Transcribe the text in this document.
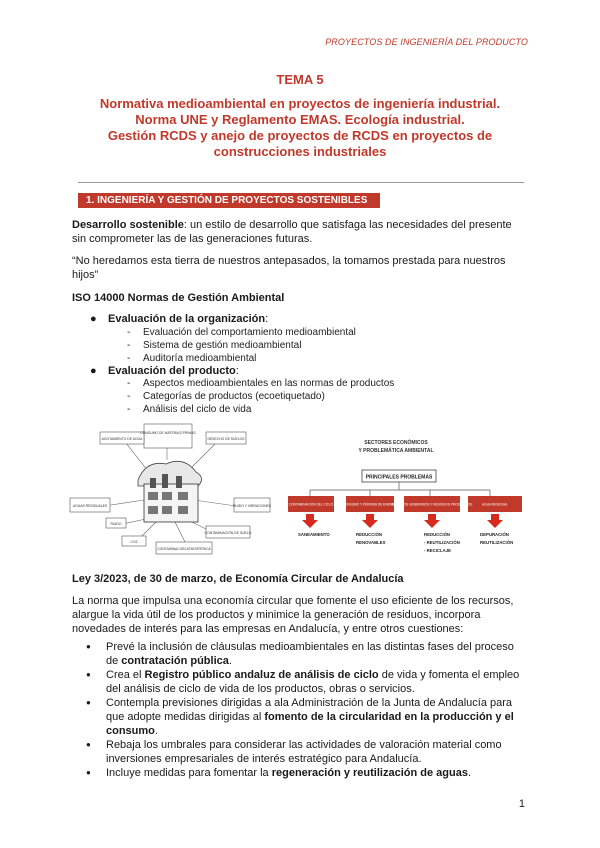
PROYECTOS DE INGENIERÍA DEL PRODUCTO
TEMA 5
Normativa medioambiental en proyectos de ingeniería industrial.
Norma UNE y Reglamento EMAS. Ecología industrial.
Gestión RCDS y anejo de proyectos de RCDS en proyectos de
construcciones industriales
1. INGENIERÍA Y GESTIÓN DE PROYECTOS SOSTENIBLES
Desarrollo sostenible: un estilo de desarrollo que satisfaga las necesidades del presente
sin comprometer las de las generaciones futuras.
“No heredamos esta tierra de nuestros antepasados, la tomamos prestada para nuestros
hijos”
ISO 14000 Normas de Gestión Ambiental
●	Evaluación de la organización:
- Evaluación del comportamiento medioambiental
- Sistema de gestión medioambiental
- Auditoría medioambiental
●	Evaluación del producto:
- Aspectos medioambientales en las normas de productos
- Categorías de productos (ecoetiquetado)
- Análisis del ciclo de vida
CONSUMO DE MATERIAS PRIMAS
AGOTAMIENTO DE AGUA	DESECHO DE SUELOS
AGUAS RESIDUALES	RUIDO Y VIBRACIONES
CONTAMINACIÓN DE SUELO
RUIDO
CONTAMINACIÓN ATMOSFÉRICA
CO2
SECTORES ECONÓMICOS
Y PROBLEMÁTICA AMBIENTAL
PRINCIPALES PROBLEMAS
CONTAMINACIÓN DEL CICLO	CONSUMO Y PÉRDIDA DE ENERGÍA
RESIDUOS GENERADOS Y RESIDUOS PRODUCIDOS	AGUA RESIDUAL
SANEAMIENTO	REDUCCIÓN
RENOVABLES
REDUCCIÓN
- REUTILIZACIÓN
- RECICLAJE
DEPURACIÓN
REUTILIZACIÓN
Ley 3/2023, de 30 de marzo, de Economía Circular de Andalucía
La norma que impulsa una economía circular que fomente el uso eficiente de los recursos,
alargue la vida útil de los productos y minimice la generación de residuos, incorpora
novedades de interés para las empresas en Andalucía, y entre otros cuestiones:
● Prevé la inclusión de cláusulas medioambientales en las distintas fases del proceso
de contratación pública.
● Crea el Registro público andaluz de análisis de ciclo de vida y fomenta el empleo
del análisis de ciclo de vida de los productos, obras o servicios.
● Contempla previsiones dirigidas a ala Administración de la Junta de Andalucía para
que adopte medidas dirigidas al fomento de la circularidad en la producción y el
consumo.
● Rebaja los umbrales para considerar las actividades de valoración material como
inversiones empresariales de interés estratégico para Andalucía.
● Incluye medidas para fomentar la regeneración y reutilización de aguas.
1
